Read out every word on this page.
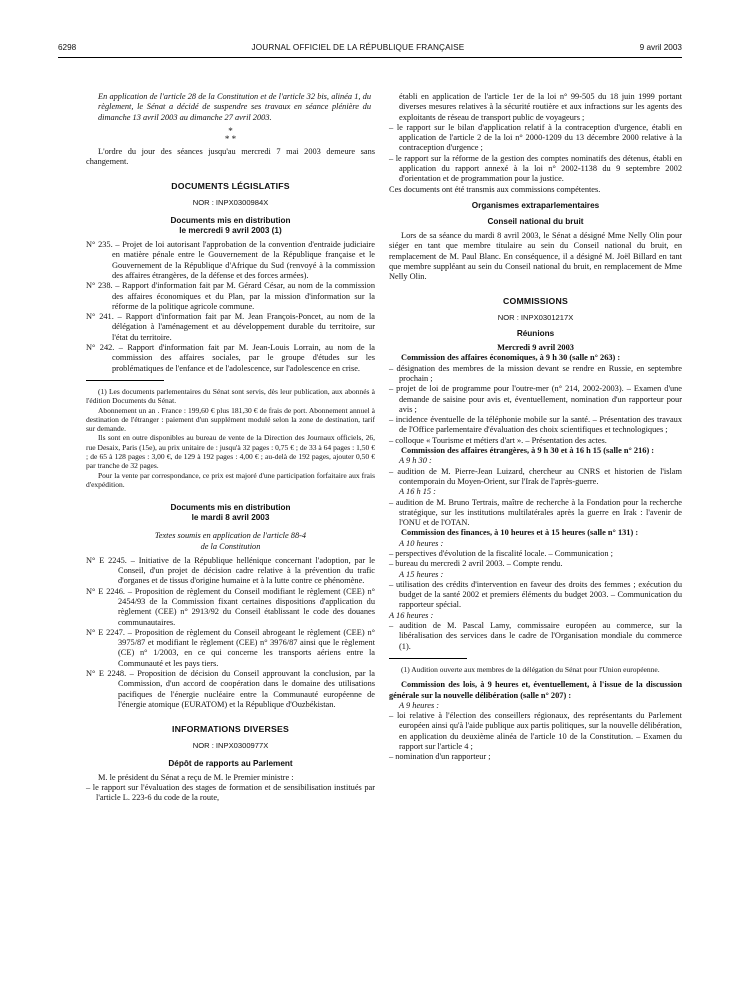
6298	JOURNAL OFFICIEL DE LA RÉPUBLIQUE FRANÇAISE	9 avril 2003

En application de l'article 28 de la Constitution et de l'article 32 bis, alinéa 1, du règlement, le Sénat a décidé de suspendre ses travaux en séance plénière du dimanche 13 avril 2003 au dimanche 27 avril 2003.

*
* *

L'ordre du jour des séances jusqu'au mercredi 7 mai 2003 demeure sans changement.

DOCUMENTS LÉGISLATIFS

NOR : INPX0300984X

Documents mis en distribution

le mercredi 9 avril 2003 (1)

N° 235. – Projet de loi autorisant l'approbation de la convention d'entraide judiciaire en matière pénale entre le Gouvernement de la République française et le Gouvernement de la République d'Afrique du Sud (renvoyé à la commission des affaires étrangères, de la défense et des forces armées).

N° 238. – Rapport d'information fait par M. Gérard César, au nom de la commission des affaires économiques et du Plan, par la mission d'information sur la réforme de la politique agricole commune.

N° 241. – Rapport d'information fait par M. Jean François-Poncet, au nom de la délégation à l'aménagement et au développement durable du territoire, sur l'état du territoire.

N° 242. – Rapport d'information fait par M. Jean-Louis Lorrain, au nom de la commission des affaires sociales, par le groupe d'études sur les problématiques de l'enfance et de l'adolescence, sur l'adolescence en crise.

(1) Les documents parlementaires du Sénat sont servis, dès leur publication, aux abonnés à l'édition Documents du Sénat.

Abonnement un an . France : 199,60 € plus 181,30 € de frais de port. Abonnement annuel à destination de l'étranger : paiement d'un supplément modulé selon la zone de destination, tarif sur demande.

Ils sont en outre disponibles au bureau de vente de la Direction des Journaux officiels, 26, rue Desaix, Paris (15e), au prix unitaire de : jusqu'à 32 pages : 0,75 € ; de 33 à 64 pages : 1,50 € ; de 65 à 128 pages : 3,00 €, de 129 à 192 pages : 4,00 € ; au-delà de 192 pages, ajouter 0,50 € par tranche de 32 pages.

Pour la vente par correspondance, ce prix est majoré d'une participation forfaitaire aux frais d'expédition.

Documents mis en distribution

le mardi 8 avril 2003

Textes soumis en application de l'article 88-4

de la Constitution

N° E 2245. – Initiative de la République hellénique concernant l'adoption, par le Conseil, d'un projet de décision cadre relative à la prévention du trafic d'organes et de tissus d'origine humaine et à la lutte contre ce phénomène.

N° E 2246. – Proposition de règlement du Conseil modifiant le règlement (CEE) n° 2454/93 de la Commission fixant certaines dispositions d'application du règlement (CEE) n° 2913/92 du Conseil établissant le code des douanes communautaires.

N° E 2247. – Proposition de règlement du Conseil abrogeant le règlement (CEE) n° 3975/87 et modifiant le règlement (CEE) n° 3976/87 ainsi que le règlement (CE) n° 1/2003, en ce qui concerne les transports aériens entre la Communauté et les pays tiers.

N° E 2248. – Proposition de décision du Conseil approuvant la conclusion, par la Commission, d'un accord de coopération dans le domaine des utilisations pacifiques de l'énergie nucléaire entre la Communauté européenne de l'énergie atomique (EURATOM) et la République d'Ouzbékistan.

INFORMATIONS DIVERSES

NOR : INPX0300977X

Dépôt de rapports au Parlement

M. le président du Sénat a reçu de M. le Premier ministre :

– le rapport sur l'évaluation des stages de formation et de sensibilisation institués par l'article L. 223-6 du code de la route,

établi en application de l'article 1er de la loi n° 99-505 du 18 juin 1999 portant diverses mesures relatives à la sécurité routière et aux infractions sur les agents des exploitants de réseau de transport public de voyageurs ;

– le rapport sur le bilan d'application relatif à la contraception d'urgence, établi en application de l'article 2 de la loi n° 2000-1209 du 13 décembre 2000 relative à la contraception d'urgence ;

– le rapport sur la réforme de la gestion des comptes nominatifs des détenus, établi en application du rapport annexé à la loi n° 2002-1138 du 9 septembre 2002 d'orientation et de programmation pour la justice.

Ces documents ont été transmis aux commissions compétentes.

Organismes extraparlementaires

Conseil national du bruit

Lors de sa séance du mardi 8 avril 2003, le Sénat a désigné Mme Nelly Olin pour siéger en tant que membre titulaire au sein du Conseil national du bruit, en remplacement de M. Paul Blanc. En conséquence, il a désigné M. Joël Billard en tant que membre suppléant au sein du Conseil national du bruit, en remplacement de Mme Nelly Olin.

COMMISSIONS

NOR : INPX0301217X

Réunions

Mercredi 9 avril 2003

Commission des affaires économiques, à 9 h 30 (salle n° 263) :

– désignation des membres de la mission devant se rendre en Russie, en septembre prochain ;

– projet de loi de programme pour l'outre-mer (n° 214, 2002-2003). – Examen d'une demande de saisine pour avis et, éventuellement, nomination d'un rapporteur pour avis ;

– incidence éventuelle de la téléphonie mobile sur la santé. – Présentation des travaux de l'Office parlementaire d'évaluation des choix scientifiques et technologiques ;

– colloque « Tourisme et métiers d'art ». – Présentation des actes.

Commission des affaires étrangères, à 9 h 30 et à 16 h 15 (salle n° 216) :

A 9 h 30 :

– audition de M. Pierre-Jean Luizard, chercheur au CNRS et historien de l'islam contemporain du Moyen-Orient, sur l'Irak de l'après-guerre.

A 16 h 15 :

– audition de M. Bruno Tertrais, maître de recherche à la Fondation pour la recherche stratégique, sur les institutions multilatérales après la guerre en Irak : l'avenir de l'ONU et de l'OTAN.

Commission des finances, à 10 heures et à 15 heures (salle n° 131) :

A 10 heures :

– perspectives d'évolution de la fiscalité locale. – Communication ;

– bureau du mercredi 2 avril 2003. – Compte rendu.

A 15 heures :

– utilisation des crédits d'intervention en faveur des droits des femmes ; exécution du budget de la santé 2002 et premiers éléments du budget 2003. – Communication du rapporteur spécial.

A 16 heures :

– audition de M. Pascal Lamy, commissaire européen au commerce, sur la libéralisation des services dans le cadre de l'Organisation mondiale du commerce (1).

(1) Audition ouverte aux membres de la délégation du Sénat pour l'Union européenne.

Commission des lois, à 9 heures et, éventuellement, à l'issue de la discussion générale sur la nouvelle délibération (salle n° 207) :

A 9 heures :

– loi relative à l'élection des conseillers régionaux, des représentants du Parlement européen ainsi qu'à l'aide publique aux partis politiques, sur la nouvelle délibération, en application du deuxième alinéa de l'article 10 de la Constitution. – Examen du rapport sur l'article 4 ;

– nomination d'un rapporteur ;
